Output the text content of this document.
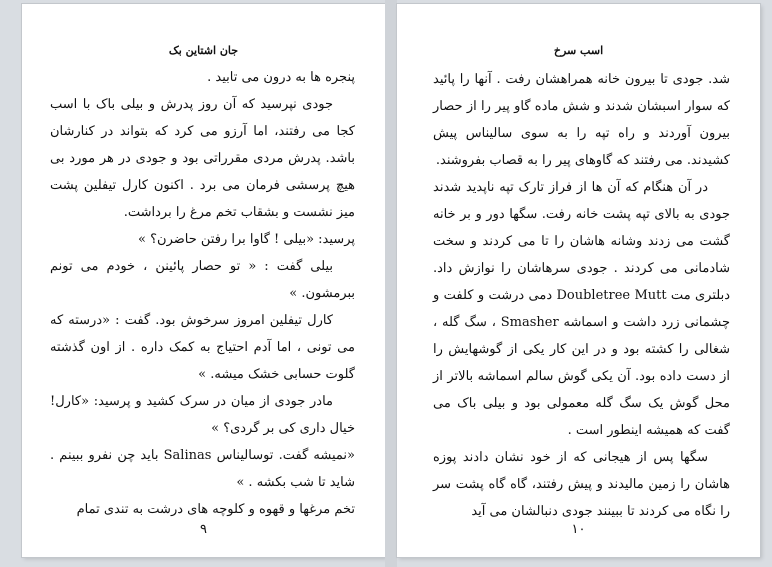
جان اشتاین بک

پنجره ها به درون می تابید .

جودی نپرسید که آن روز پدرش و بیلی باک با اسب کجا می رفتند، اما آرزو می کرد که بتواند در کنارشان باشد. پدرش مردی مقرراتی بود و جودی در هر مورد بی هیچ پرسشی فرمان می برد . اکنون کارل تیفلین پشت میز نشست و بشقاب تخم مرغ را برداشت.

پرسید: «بیلی ! گاوا برا رفتن حاضرن؟ »

بیلی گفت : « تو حصار پائینن ، خودم می تونم ببرمشون. »

کارل تیفلین امروز سرخوش بود. گفت : «درسته که می تونی ، اما آدم احتیاج به کمک داره . از اون گذشته گلوت حسابی خشک میشه. »

مادر جودی از میان در سرک کشید و پرسید: «کارل! خیال داری کی بر گردی؟ »

«نمیشه گفت. توسالیناس Salinas باید چن نفرو ببینم . شاید تا شب بکشه . »

تخم مرغها و قهوه و کلوچه های درشت به تندی تمام

٩
اسب سرخ

شد. جودی تا بیرون خانه همراهشان رفت . آنها را پائید که سوار اسبشان شدند و شش ماده گاو پیر را از حصار بیرون آوردند و راه تپه را به سوی سالیناس پیش کشیدند. می رفتند که گاوهای پیر را به قصاب بفروشند.

در آن هنگام که آن ها از فراز تارک تپه ناپدید شدند جودی به بالای تپه پشت خانه رفت. سگها دور و بر خانه گشت می زدند وشانه هاشان را تا می کردند و سخت شادمانی می کردند . جودی سرهاشان را نوازش داد. دبلتری مت Doubletree Mutt دمی درشت و کلفت و چشمانی زرد داشت و اسماشه Smasher ، سگ گله ، شغالی را کشته بود و در این کار یکی از گوشهایش را از دست داده بود. آن یکی گوش سالم اسماشه بالاتر از محل گوش یک سگ گله معمولی بود و بیلی باک می گفت که همیشه اینطور است .

سگها پس از هیجانی که از خود نشان دادند پوزه هاشان را زمین مالیدند و پیش رفتند، گاه گاه پشت سر را نگاه می کردند تا ببینند جودی دنبالشان می آید

١٠
